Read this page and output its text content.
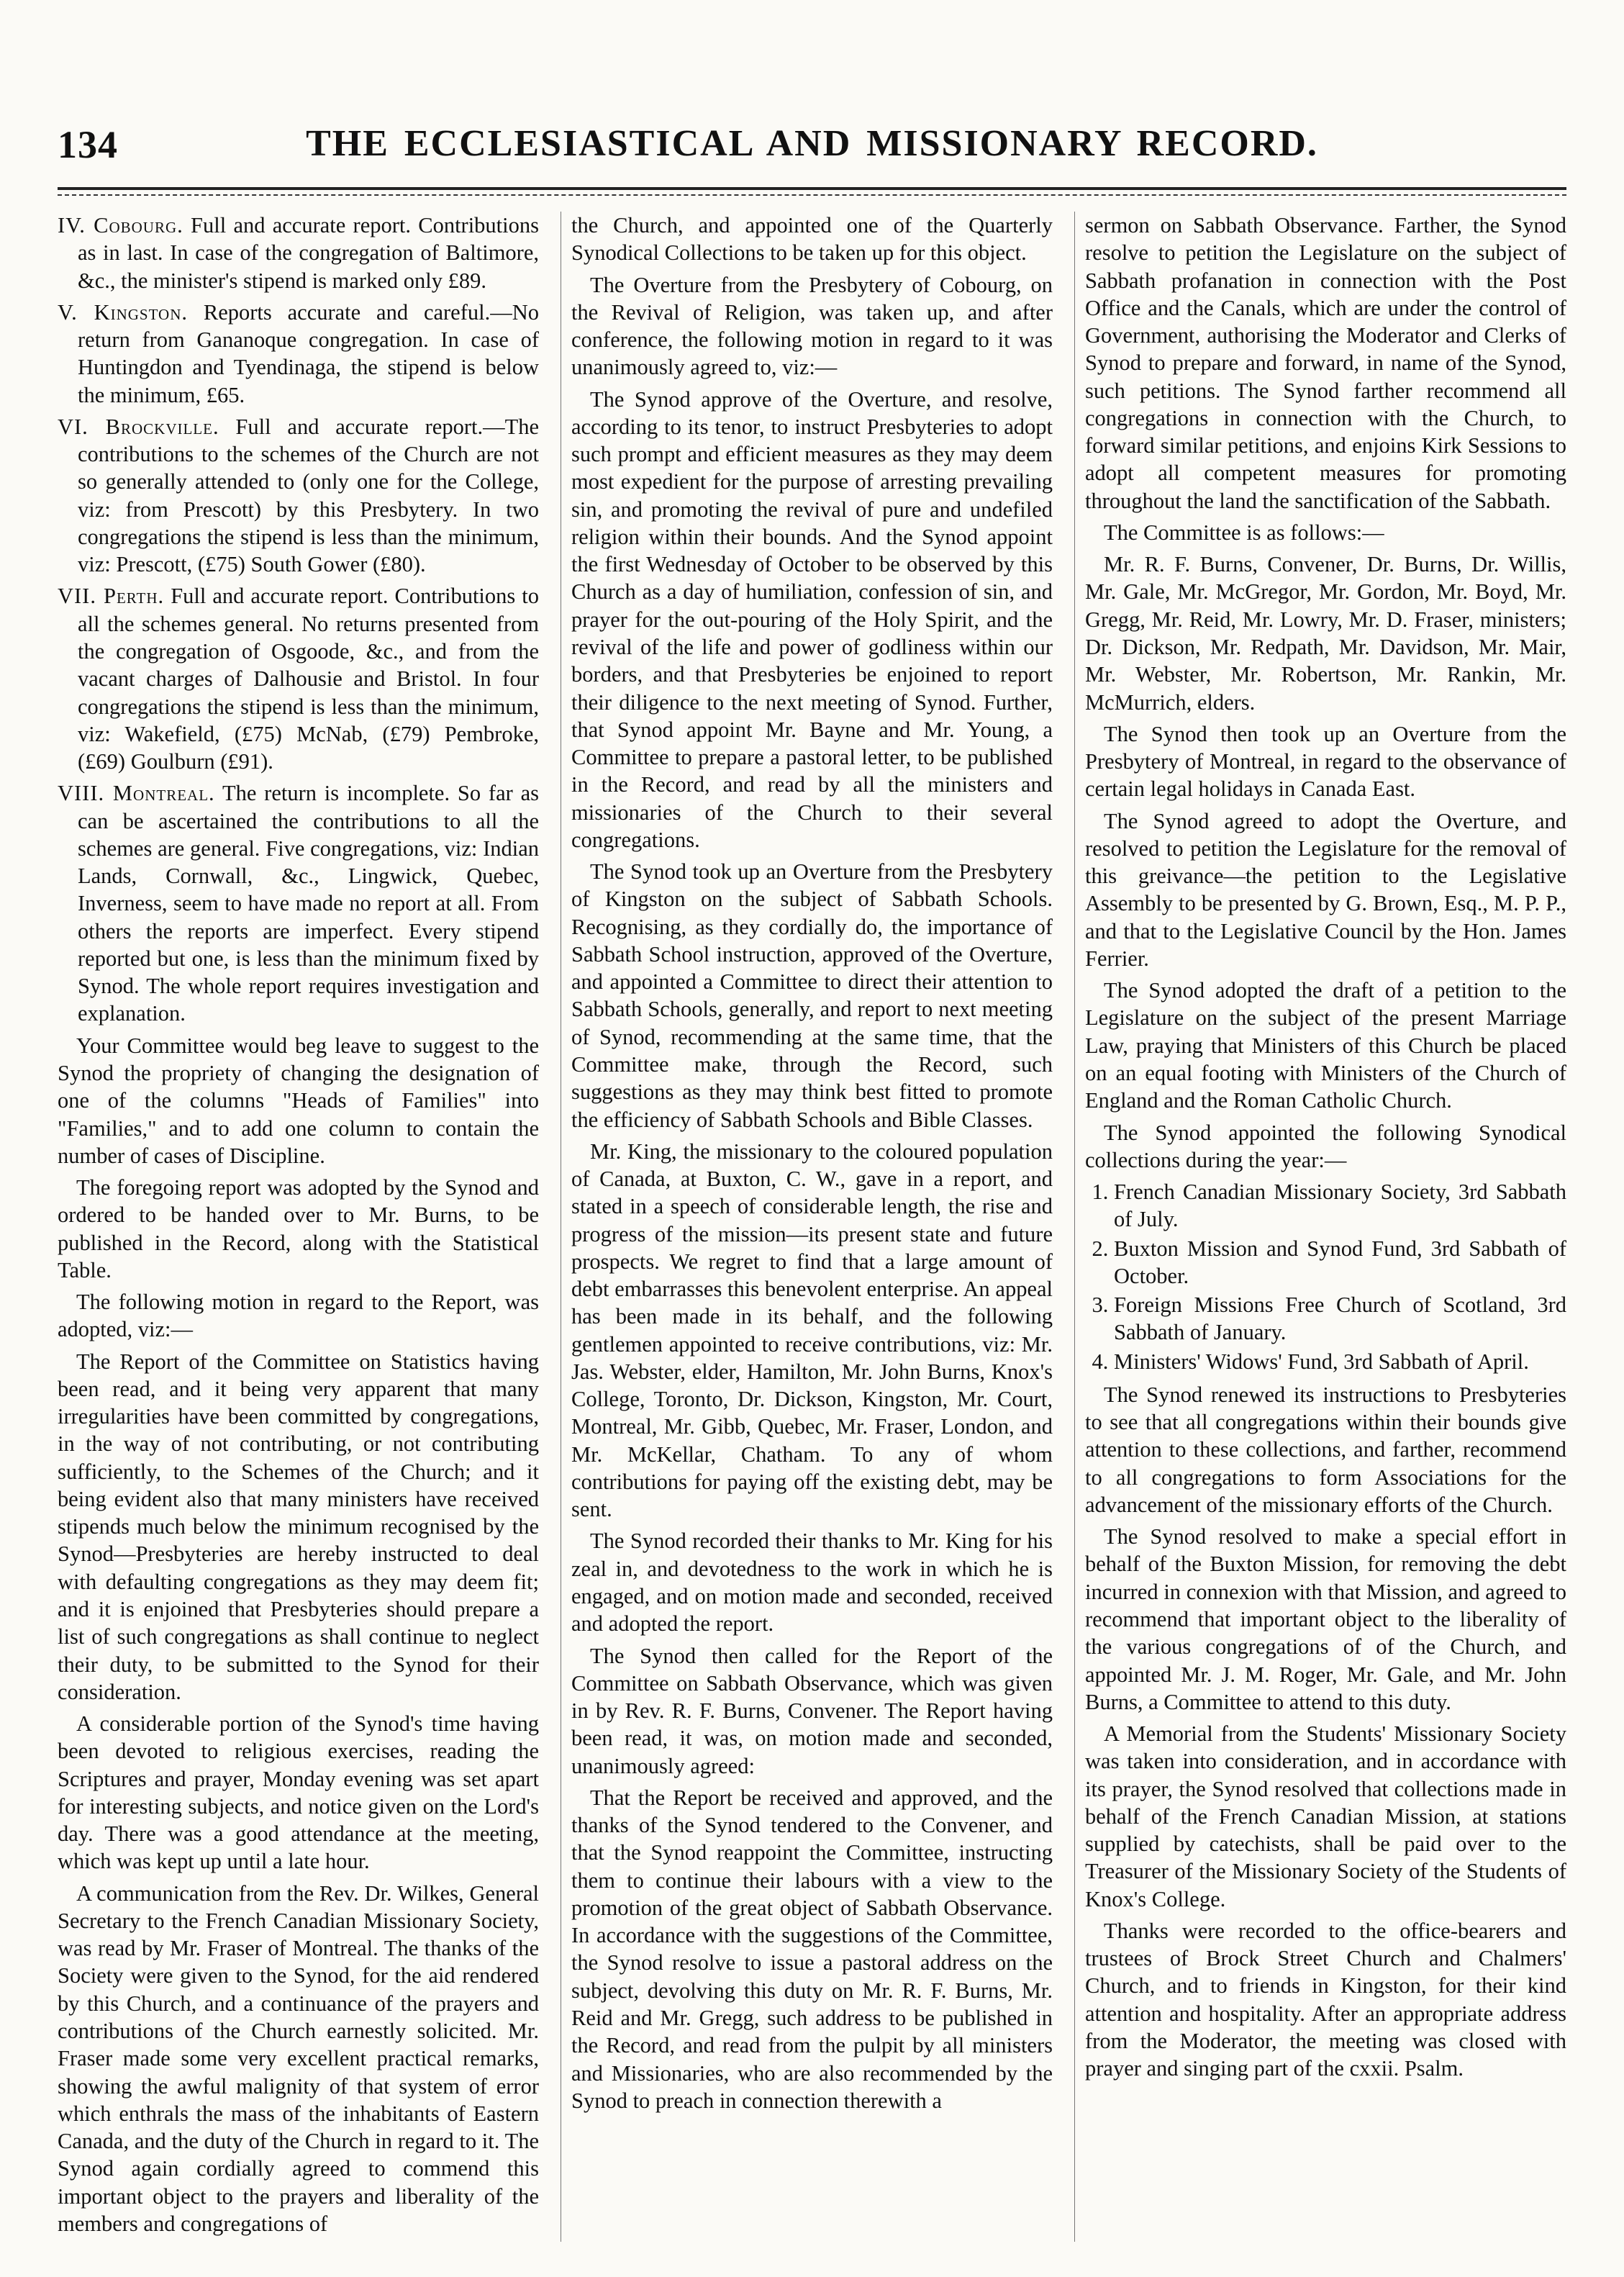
134	THE ECCLESIASTICAL AND MISSIONARY RECORD.

IV. Cobourg. Full and accurate report. Contributions as in last. In case of the congregation of Baltimore, &c., the minister's stipend is marked only £89.

V. Kingston. Reports accurate and careful.—No return from Gananoque congregation. In case of Huntingdon and Tyendinaga, the stipend is below the minimum, £65.

VI. Brockville. Full and accurate report.—The contributions to the schemes of the Church are not so generally attended to (only one for the College, viz: from Prescott) by this Presbytery. In two congregations the stipend is less than the minimum, viz: Prescott, (£75) South Gower (£80).

VII. Perth. Full and accurate report. Contributions to all the schemes general. No returns presented from the congregation of Osgoode, &c., and from the vacant charges of Dalhousie and Bristol. In four congregations the stipend is less than the minimum, viz: Wakefield, (£75) McNab, (£79) Pembroke, (£69) Goulburn (£91).

VIII. Montreal. The return is incomplete. So far as can be ascertained the contributions to all the schemes are general. Five congregations, viz: Indian Lands, Cornwall, &c., Lingwick, Quebec, Inverness, seem to have made no report at all. From others the reports are imperfect. Every stipend reported but one, is less than the minimum fixed by Synod. The whole report requires investigation and explanation.

Your Committee would beg leave to suggest to the Synod the propriety of changing the designation of one of the columns "Heads of Families" into "Families," and to add one column to contain the number of cases of Discipline.

The foregoing report was adopted by the Synod and ordered to be handed over to Mr. Burns, to be published in the Record, along with the Statistical Table.

The following motion in regard to the Report, was adopted, viz:—

The Report of the Committee on Statistics having been read, and it being very apparent that many irregularities have been committed by congregations, in the way of not contributing, or not contributing sufficiently, to the Schemes of the Church; and it being evident also that many ministers have received stipends much below the minimum recognised by the Synod—Presbyteries are hereby instructed to deal with defaulting congregations as they may deem fit; and it is enjoined that Presbyteries should prepare a list of such congregations as shall continue to neglect their duty, to be submitted to the Synod for their consideration.

A considerable portion of the Synod's time having been devoted to religious exercises, reading the Scriptures and prayer, Monday evening was set apart for interesting subjects, and notice given on the Lord's day. There was a good attendance at the meeting, which was kept up until a late hour.

A communication from the Rev. Dr. Wilkes, General Secretary to the French Canadian Missionary Society, was read by Mr. Fraser of Montreal. The thanks of the Society were given to the Synod, for the aid rendered by this Church, and a continuance of the prayers and contributions of the Church earnestly solicited. Mr. Fraser made some very excellent practical remarks, showing the awful malignity of that system of error which enthrals the mass of the inhabitants of Eastern Canada, and the duty of the Church in regard to it. The Synod again cordially agreed to commend this important object to the prayers and liberality of the members and congregations of

the Church, and appointed one of the Quarterly Synodical Collections to be taken up for this object.

The Overture from the Presbytery of Cobourg, on the Revival of Religion, was taken up, and after conference, the following motion in regard to it was unanimously agreed to, viz:—

The Synod approve of the Overture, and resolve, according to its tenor, to instruct Presbyteries to adopt such prompt and efficient measures as they may deem most expedient for the purpose of arresting prevailing sin, and promoting the revival of pure and undefiled religion within their bounds. And the Synod appoint the first Wednesday of October to be observed by this Church as a day of humiliation, confession of sin, and prayer for the out-pouring of the Holy Spirit, and the revival of the life and power of godliness within our borders, and that Presbyteries be enjoined to report their diligence to the next meeting of Synod. Further, that Synod appoint Mr. Bayne and Mr. Young, a Committee to prepare a pastoral letter, to be published in the Record, and read by all the ministers and missionaries of the Church to their several congregations.

The Synod took up an Overture from the Presbytery of Kingston on the subject of Sabbath Schools. Recognising, as they cordially do, the importance of Sabbath School instruction, approved of the Overture, and appointed a Committee to direct their attention to Sabbath Schools, generally, and report to next meeting of Synod, recommending at the same time, that the Committee make, through the Record, such suggestions as they may think best fitted to promote the efficiency of Sabbath Schools and Bible Classes.

Mr. King, the missionary to the coloured population of Canada, at Buxton, C. W., gave in a report, and stated in a speech of considerable length, the rise and progress of the mission—its present state and future prospects. We regret to find that a large amount of debt embarrasses this benevolent enterprise. An appeal has been made in its behalf, and the following gentlemen appointed to receive contributions, viz: Mr. Jas. Webster, elder, Hamilton, Mr. John Burns, Knox's College, Toronto, Dr. Dickson, Kingston, Mr. Court, Montreal, Mr. Gibb, Quebec, Mr. Fraser, London, and Mr. McKellar, Chatham. To any of whom contributions for paying off the existing debt, may be sent.

The Synod recorded their thanks to Mr. King for his zeal in, and devotedness to the work in which he is engaged, and on motion made and seconded, received and adopted the report.

The Synod then called for the Report of the Committee on Sabbath Observance, which was given in by Rev. R. F. Burns, Convener. The Report having been read, it was, on motion made and seconded, unanimously agreed:

That the Report be received and approved, and the thanks of the Synod tendered to the Convener, and that the Synod reappoint the Committee, instructing them to continue their labours with a view to the promotion of the great object of Sabbath Observance. In accordance with the suggestions of the Committee, the Synod resolve to issue a pastoral address on the subject, devolving this duty on Mr. R. F. Burns, Mr. Reid and Mr. Gregg, such address to be published in the Record, and read from the pulpit by all ministers and Missionaries, who are also recommended by the Synod to preach in connection therewith a

sermon on Sabbath Observance. Farther, the Synod resolve to petition the Legislature on the subject of Sabbath profanation in connection with the Post Office and the Canals, which are under the control of Government, authorising the Moderator and Clerks of Synod to prepare and forward, in name of the Synod, such petitions. The Synod farther recommend all congregations in connection with the Church, to forward similar petitions, and enjoins Kirk Sessions to adopt all competent measures for promoting throughout the land the sanctification of the Sabbath.

The Committee is as follows:—

Mr. R. F. Burns, Convener, Dr. Burns, Dr. Willis, Mr. Gale, Mr. McGregor, Mr. Gordon, Mr. Boyd, Mr. Gregg, Mr. Reid, Mr. Lowry, Mr. D. Fraser, ministers; Dr. Dickson, Mr. Redpath, Mr. Davidson, Mr. Mair, Mr. Webster, Mr. Robertson, Mr. Rankin, Mr. McMurrich, elders.

The Synod then took up an Overture from the Presbytery of Montreal, in regard to the observance of certain legal holidays in Canada East.

The Synod agreed to adopt the Overture, and resolved to petition the Legislature for the removal of this greivance—the petition to the Legislative Assembly to be presented by G. Brown, Esq., M. P. P., and that to the Legislative Council by the Hon. James Ferrier.

The Synod adopted the draft of a petition to the Legislature on the subject of the present Marriage Law, praying that Ministers of this Church be placed on an equal footing with Ministers of the Church of England and the Roman Catholic Church.

The Synod appointed the following Synodical collections during the year:—

1. French Canadian Missionary Society, 3rd Sabbath of July.
2. Buxton Mission and Synod Fund, 3rd Sabbath of October.
3. Foreign Missions Free Church of Scotland, 3rd Sabbath of January.
4. Ministers' Widows' Fund, 3rd Sabbath of April.

The Synod renewed its instructions to Presbyteries to see that all congregations within their bounds give attention to these collections, and farther, recommend to all congregations to form Associations for the advancement of the missionary efforts of the Church.

The Synod resolved to make a special effort in behalf of the Buxton Mission, for removing the debt incurred in connexion with that Mission, and agreed to recommend that important object to the liberality of the various congregations of of the Church, and appointed Mr. J. M. Roger, Mr. Gale, and Mr. John Burns, a Committee to attend to this duty.

A Memorial from the Students' Missionary Society was taken into consideration, and in accordance with its prayer, the Synod resolved that collections made in behalf of the French Canadian Mission, at stations supplied by catechists, shall be paid over to the Treasurer of the Missionary Society of the Students of Knox's College.

Thanks were recorded to the office-bearers and trustees of Brock Street Church and Chalmers' Church, and to friends in Kingston, for their kind attention and hospitality. After an appropriate address from the Moderator, the meeting was closed with prayer and singing part of the cxxii. Psalm.
